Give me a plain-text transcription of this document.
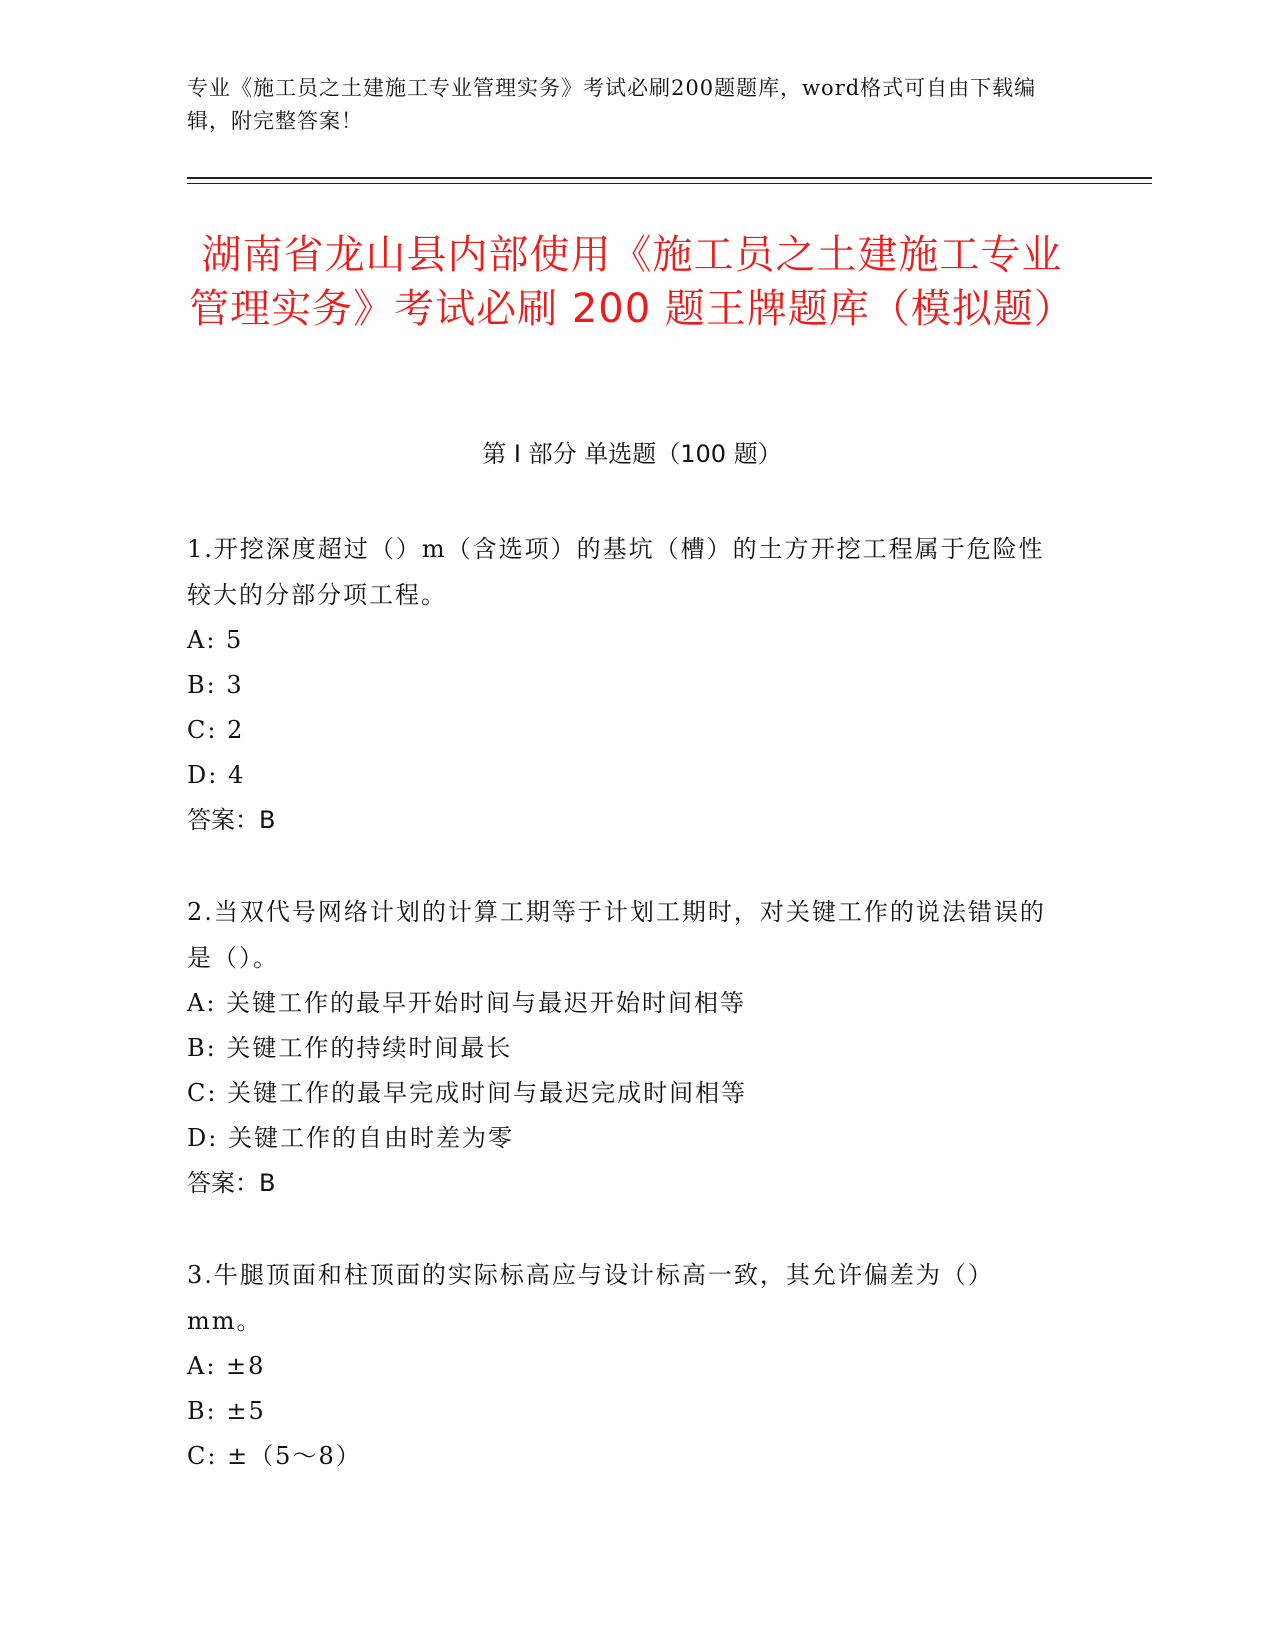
专业《施工员之土建施工专业管理实务》考试必刷200题题库，word格式可自由下载编辑，附完整答案！
湖南省龙山县内部使用《施工员之土建施工专业管理实务》考试必刷 200 题王牌题库（模拟题）
第 I 部分 单选题（100 题）

1.开挖深度超过（）m（含选项）的基坑（槽）的土方开挖工程属于危险性较大的分部分项工程。

A: 5

B: 3

C: 2

D: 4

答案：B

2.当双代号网络计划的计算工期等于计划工期时，对关键工作的说法错误的是（）。

A: 关键工作的最早开始时间与最迟开始时间相等

B: 关键工作的持续时间最长

C: 关键工作的最早完成时间与最迟完成时间相等

D: 关键工作的自由时差为零

答案：B

3.牛腿顶面和柱顶面的实际标高应与设计标高一致，其允许偏差为（）mm。

A: ±8

B: ±5

C: ±（5～8）
